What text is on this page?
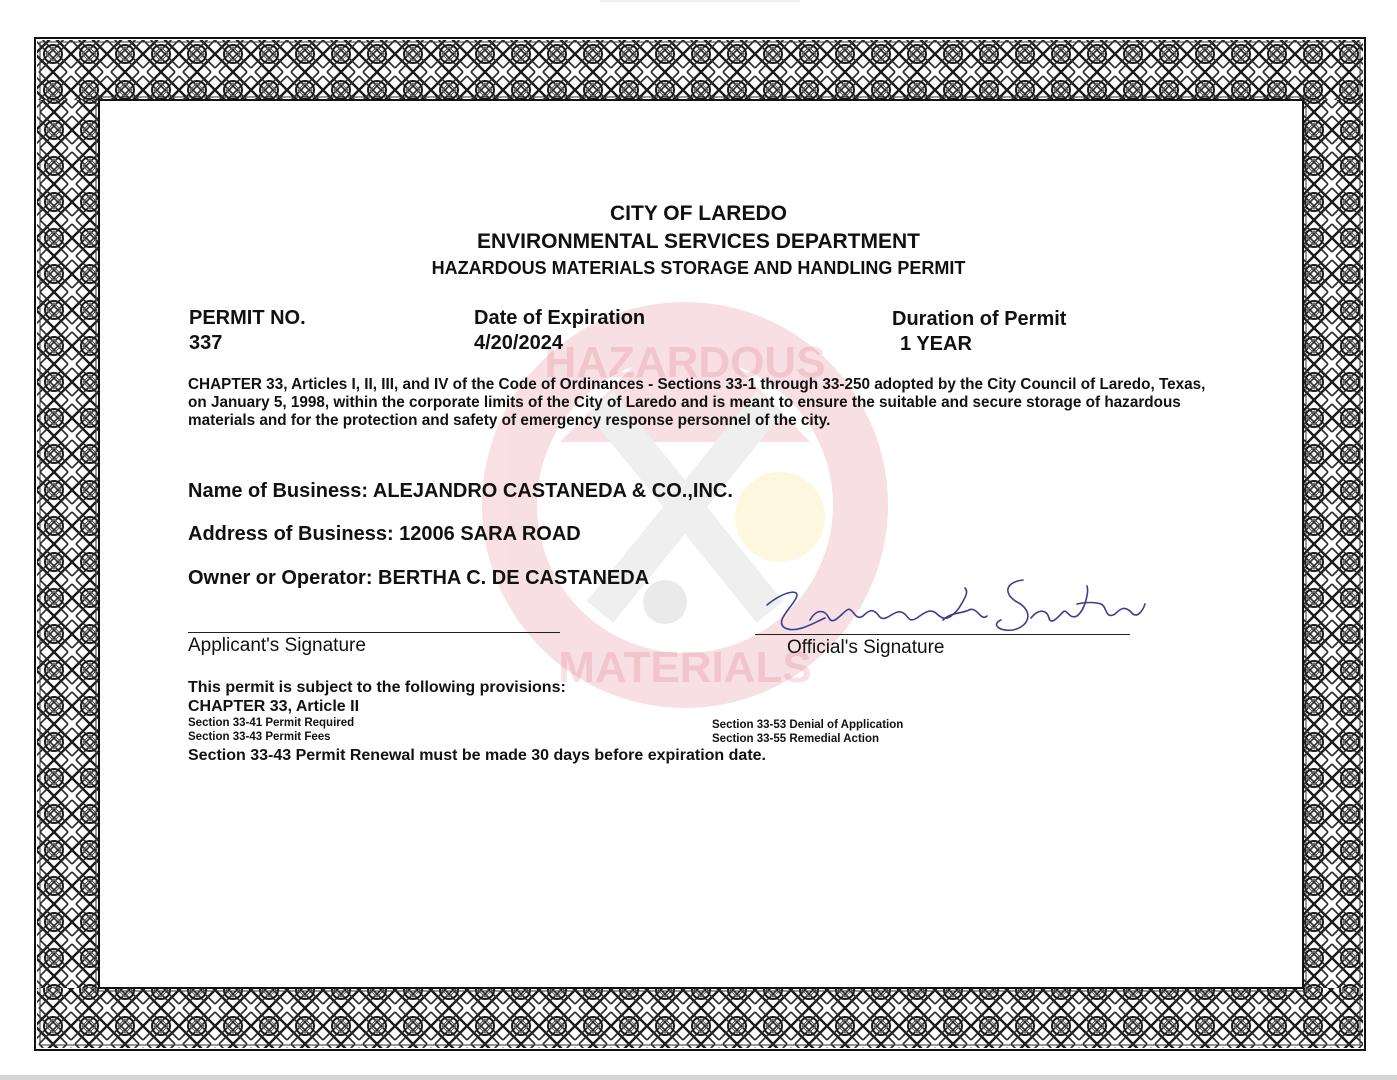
HAZARDOUS
MATERIALS
CITY OF LAREDO
ENVIRONMENTAL SERVICES DEPARTMENT
HAZARDOUS MATERIALS STORAGE AND HANDLING PERMIT
PERMIT NO.
337
Date of Expiration
4/20/2024
Duration of Permit
1 YEAR
CHAPTER 33, Articles I, II, III, and IV of the Code of Ordinances - Sections 33-1 through 33-250 adopted by the City Council of Laredo, Texas, on January 5, 1998, within the corporate limits of the City of Laredo and is meant to ensure the suitable and secure storage of hazardous materials and for the protection and safety of emergency response personnel of the city.
Name of Business: ALEJANDRO CASTANEDA & CO.,INC.
Address of Business: 12006 SARA ROAD
Owner or Operator: BERTHA C. DE CASTANEDA
Applicant's Signature	Official's Signature
This permit is subject to the following provisions:
CHAPTER 33, Article II
Section 33-41 Permit Required
Section 33-43 Permit Fees
Section 33-53 Denial of Application
Section 33-55 Remedial Action
Section 33-43 Permit Renewal must be made 30 days before expiration date.
